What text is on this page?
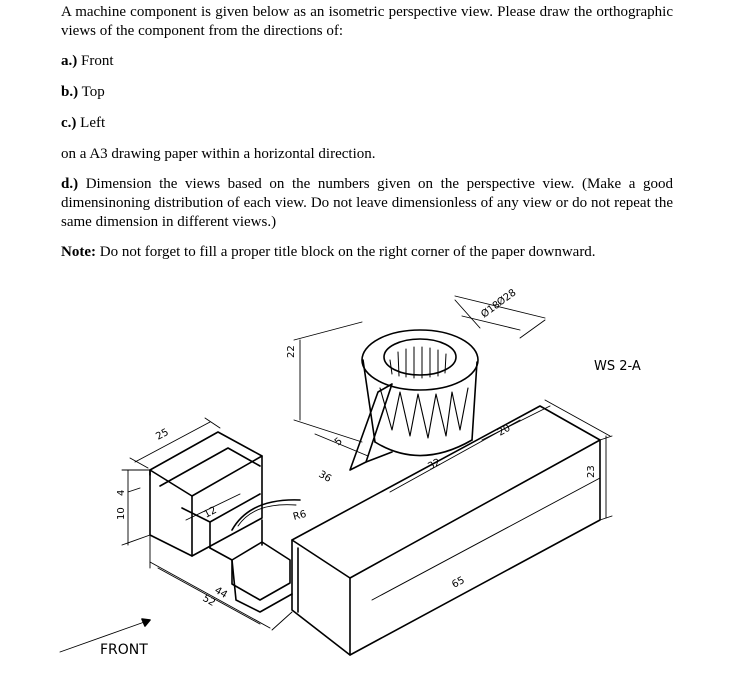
A machine component is given below as an isometric perspective view. Please draw the orthographic views of the component from the directions of:

a.) Front

b.) Top

c.) Left

on a A3 drawing paper within a horizontal direction.

d.) Dimension the views based on the numbers given on the perspective view. (Make a good dimensinoning distribution of each view. Do not leave dimensionless of any view or do not repeat the same dimension in different views.)

Note: Do not forget to fill a proper title block on the right corner of the paper downward.

Ø28
Ø18
22
5
36
32
20
23
25
10
4
12	R6
44
52
65
WS 2-A
FRONT
